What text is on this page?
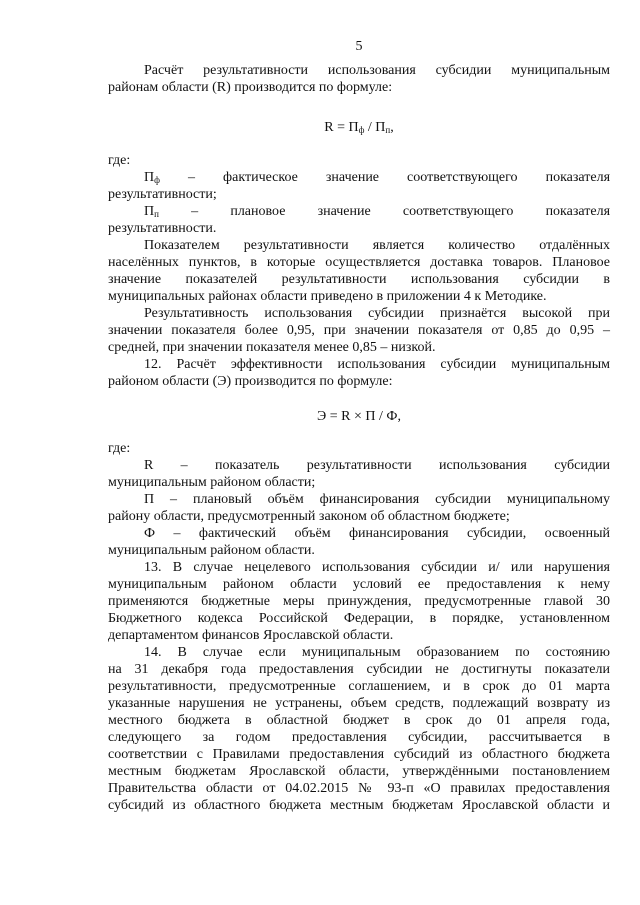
5
Расчёт результативности использования субсидии муниципальным
районам области (R) производится по формуле:
$R = П_ф / П_п$,
где:
$П_ф$ – фактическое значение соответствующего показателя
результативности;
$П_п$ – плановое значение соответствующего показателя
результативности.
Показателем результативности является количество отдалённых
населённых пунктов, в которые осуществляется доставка товаров. Плановое
значение показателей результативности использования субсидии в
муниципальных районах области приведено в приложении 4 к Методике.
Результативность использования субсидии признаётся высокой при
значении показателя более 0,95, при значении показателя от 0,85 до 0,95 –
средней, при значении показателя менее 0,85 – низкой.
12. Расчёт эффективности использования субсидии муниципальным
районом области (Э) производится по формуле:
Э = R × П / Ф,
где:
R – показатель результативности использования субсидии
муниципальным районом области;
П – плановый объём финансирования субсидии муниципальному
району области, предусмотренный законом об областном бюджете;
Ф – фактический объём финансирования субсидии, освоенный
муниципальным районом области.
13. В случае нецелевого использования субсидии и/ или нарушения
муниципальным районом области условий ее предоставления к нему
применяются бюджетные меры принуждения, предусмотренные главой 30
Бюджетного кодекса Российской Федерации, в порядке, установленном
департаментом финансов Ярославской области.
14. В случае если муниципальным образованием по состоянию
на 31 декабря года предоставления субсидии не достигнуты показатели
результативности, предусмотренные соглашением, и в срок до 01 марта
указанные нарушения не устранены, объем средств, подлежащий возврату из
местного бюджета в областной бюджет в срок до 01 апреля года,
следующего за годом предоставления субсидии, рассчитывается в
соответствии с Правилами предоставления субсидий из областного бюджета
местным бюджетам Ярославской области, утверждёнными постановлением
Правительства области от 04.02.2015 № 93-п «О правилах предоставления
субсидий из областного бюджета местным бюджетам Ярославской области и
